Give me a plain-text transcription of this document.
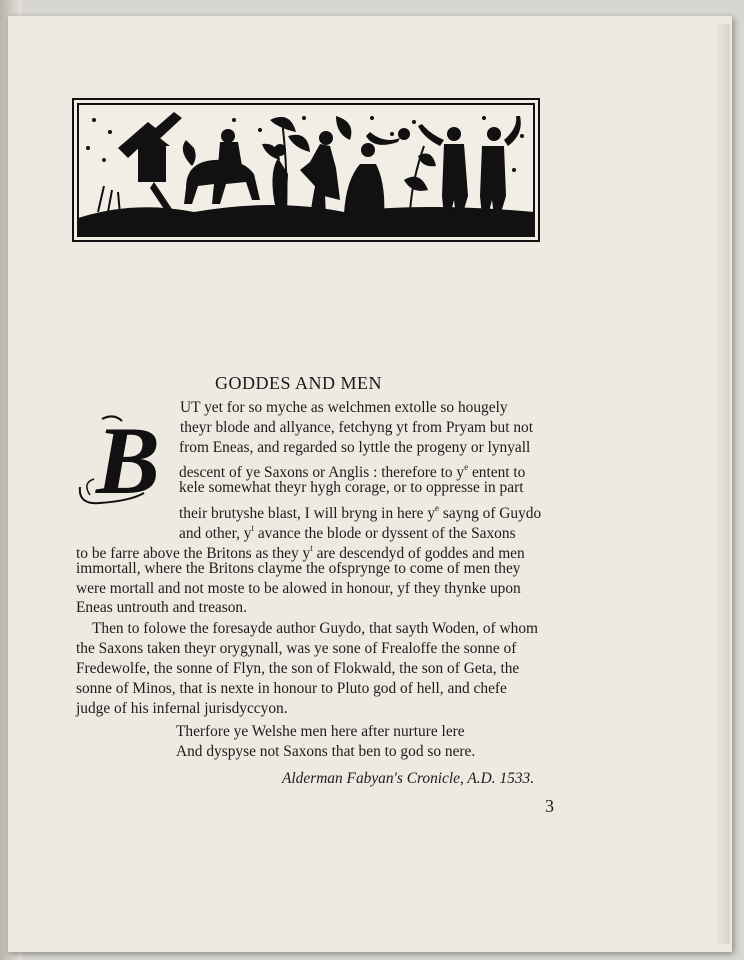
GODDES AND MEN
B UT yet for so myche as welchmen extolle so hougely
theyr blode and allyance, fetchyng yt from Pryam but not
from Eneas, and regarded so lyttle the progeny or lynyall
descent of ye Saxons or Anglis : therefore to $y^e$ entent to
kele somewhat theyr hygh corage, or to oppresse in part
their brutyshe blast, I will bryng in here $y^e$ sayng of Guydo
and other, $y^t$ avance the blode or dyssent of the Saxons
to be farre above the Britons as they $y^t$ are descendyd of goddes and men
immortall, where the Britons clayme the ofsprynge to come of men they
were mortall and not moste to be alowed in honour, yf they thynke upon
Eneas untrouth and treason.
Then to folowe the foresayde author Guydo, that sayth Woden, of whom
the Saxons taken theyr orygynall, was ye sone of Frealoffe the sonne of
Fredewolfe, the sonne of Flyn, the son of Flokwald, the son of Geta, the
sonne of Minos, that is nexte in honour to Pluto god of hell, and chefe
judge of his infernal jurisdyccyon.
Therfore ye Welshe men here after nurture lere
And dyspyse not Saxons that ben to god so nere.
Alderman Fabyan's Cronicle, A.D. 1533.
3
